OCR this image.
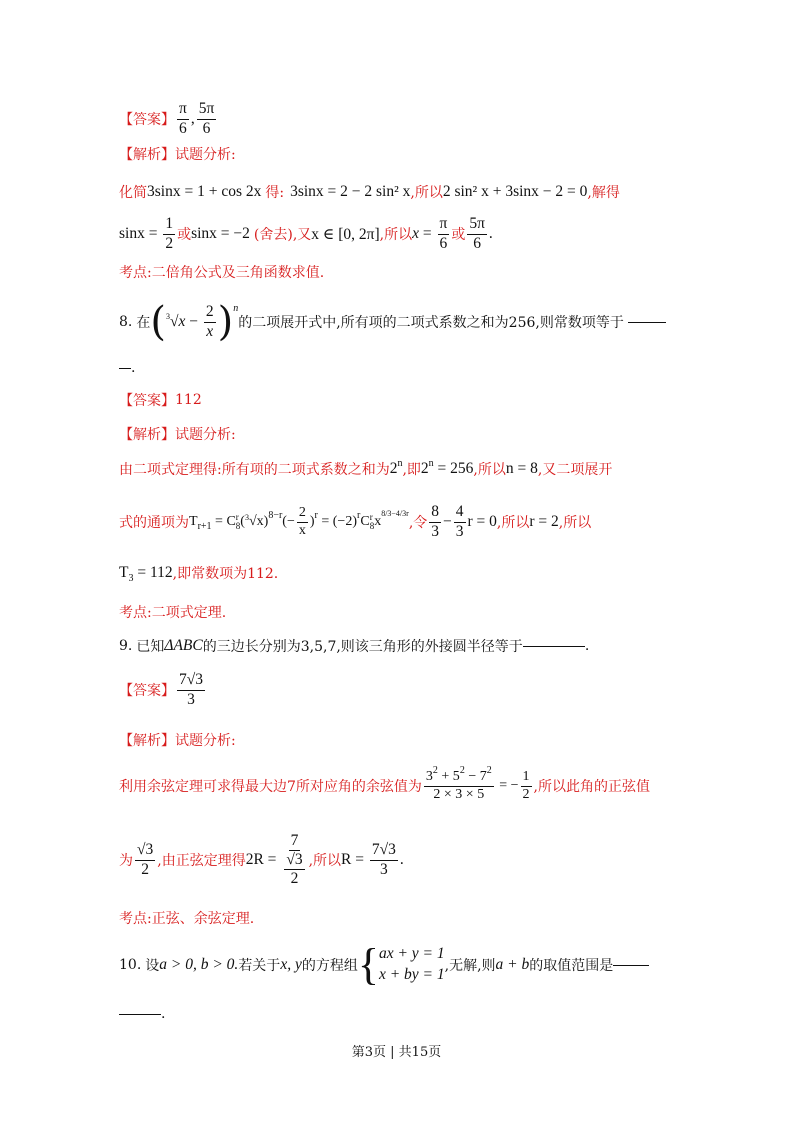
【答案】 $\frac{\pi}{6}$ , $\frac{5\pi}{6}$
【解析】试题分析:
化简 3sinx = 1 + cos 2x 得: 3sinx = 2 − 2 sin² x ,所以 2 sin² x + 3sinx − 2 = 0 ,解得
$\sin x = \frac{1}{2}$ 或 sinx = −2 (舍去),又 x ∈ [0, 2π] ,所以 $x = \frac{\pi}{6}$ 或 $\frac{5\pi}{6}$ .
考点: 二倍角公式及三角函数求值.
8. 在 ( 3 √ $x - \frac{2}{x}$ ) n
的二项展开式中,所有项的二项式系数之和为256,则常数项等于
.
【答案】 112
【解析】试题分析:
由二项式定理得:所有项的二项式系数之和为 2$^n$ ,即 $2^n = 256$ ,所以 n = 8 ,又二项展开
式的通项为 T r+1 = C r
8 ( 3 √x) 8−r (− $\frac{2}{x}$ ) r = (−2) r C r
8 x
8/3−4/3r
,令 $\frac{8}{3} - \frac{4}{3}$ r = 0 ,所以 r = 2 ,所以
$T_3 = 112$ ,即常数项为112.
考点: 二项式定理.
9. 已知 ΔABC 的三边长分别为3,5,7,则该三角形的外接圆半径等于	.
【答案】 $\frac{7√3}{3}$
【解析】试题分析:
利用余弦定理可求得最大边7所对应角的余弦值为 $\frac{3^2 + 5^2 - 7^2}{2 \times 3 \times 5}$ = − $\frac{1}{2}$ ,所以此角的正弦值
为 $\frac{√3}{2}$ ,由正弦定理得 $2R = \frac{7}{\frac{√3}{2}}$ ,所以 $R = \frac{7√3}{3}$ .
考点: 正弦、余弦定理.
10. 设 a > 0, b > 0. 若关于 x, y 的方程组 { ax + y = 1
x + by = 1 ,无解,则 a + b 的取值范围是
.
第3页 | 共15页
